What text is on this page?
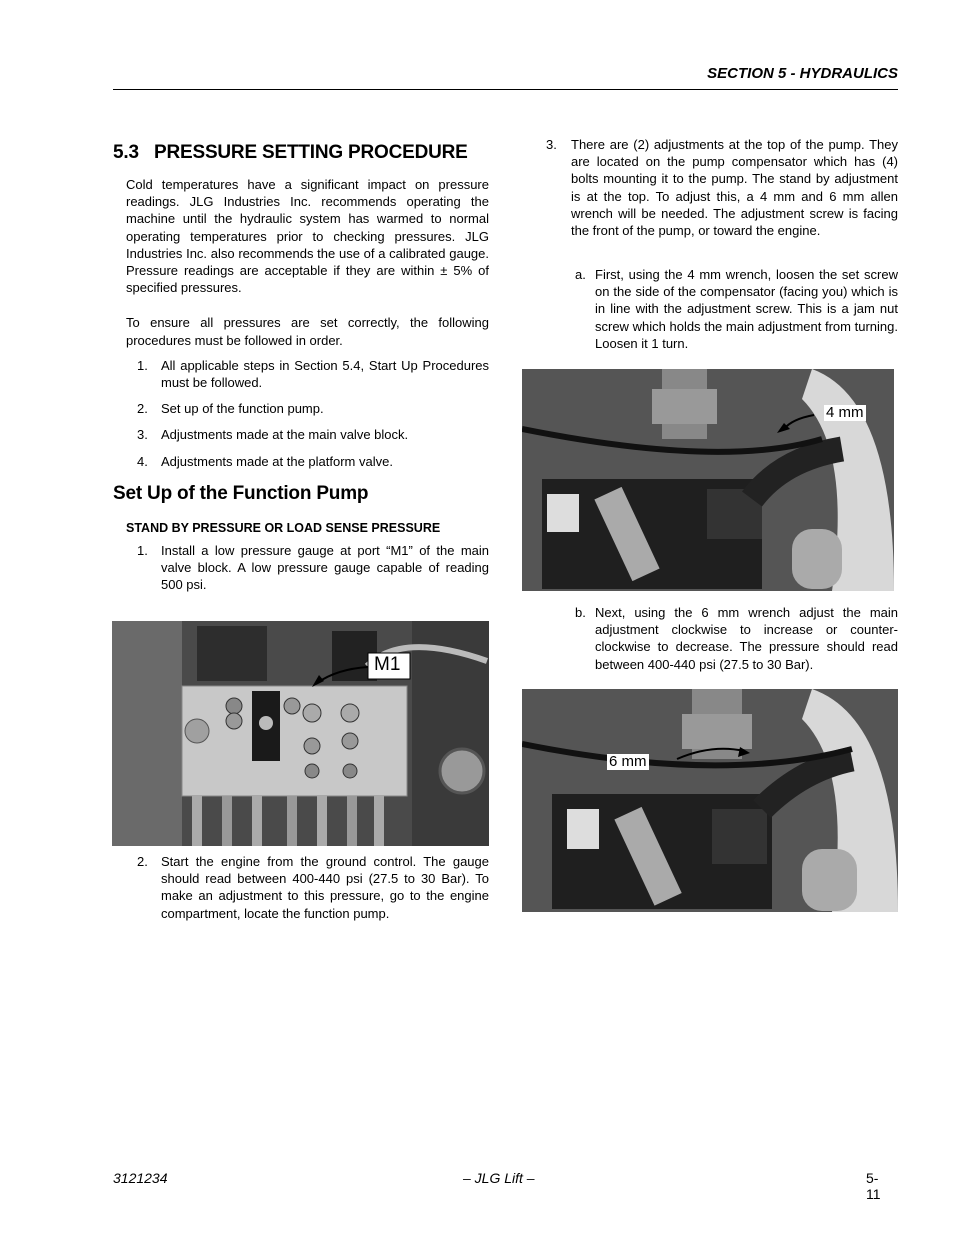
SECTION 5 - HYDRAULICS
5.3 PRESSURE SETTING PROCEDURE

Cold temperatures have a significant impact on pressure readings. JLG Industries Inc. recommends operating the machine until the hydraulic system has warmed to normal operating temperatures prior to checking pressures. JLG Industries Inc. also recommends the use of a calibrated gauge. Pressure readings are acceptable if they are within ± 5% of specified pressures.

To ensure all pressures are set correctly, the following procedures must be followed in order.

1. All applicable steps in Section 5.4, Start Up Procedures must be followed.
2. Set up of the function pump.
3. Adjustments made at the main valve block.
4. Adjustments made at the platform valve.
Set Up of the Function Pump
STAND BY PRESSURE OR LOAD SENSE PRESSURE
1. Install a low pressure gauge at port “M1” of the main valve block. A low pressure gauge capable of reading 500 psi.
M1
2. Start the engine from the ground control. The gauge should read between 400-440 psi (27.5 to 30 Bar). To make an adjustment to this pressure, go to the engine compartment, locate the function pump.
3. There are (2) adjustments at the top of the pump. They are located on the pump compensator which has (4) bolts mounting it to the pump. The stand by adjustment is at the top. To adjust this, a 4 mm and 6 mm allen wrench will be needed. The adjustment screw is facing the front of the pump, or toward the engine.
a. First, using the 4 mm wrench, loosen the set screw on the side of the compensator (facing you) which is in line with the adjustment screw. This is a jam nut screw which holds the main adjustment from turning. Loosen it 1 turn.
4 mm
b. Next, using the 6 mm wrench adjust the main adjustment clockwise to increase or counter-clockwise to decrease. The pressure should read between 400-440 psi (27.5 to 30 Bar).
6 mm
3121234	– JLG Lift –	5-11
